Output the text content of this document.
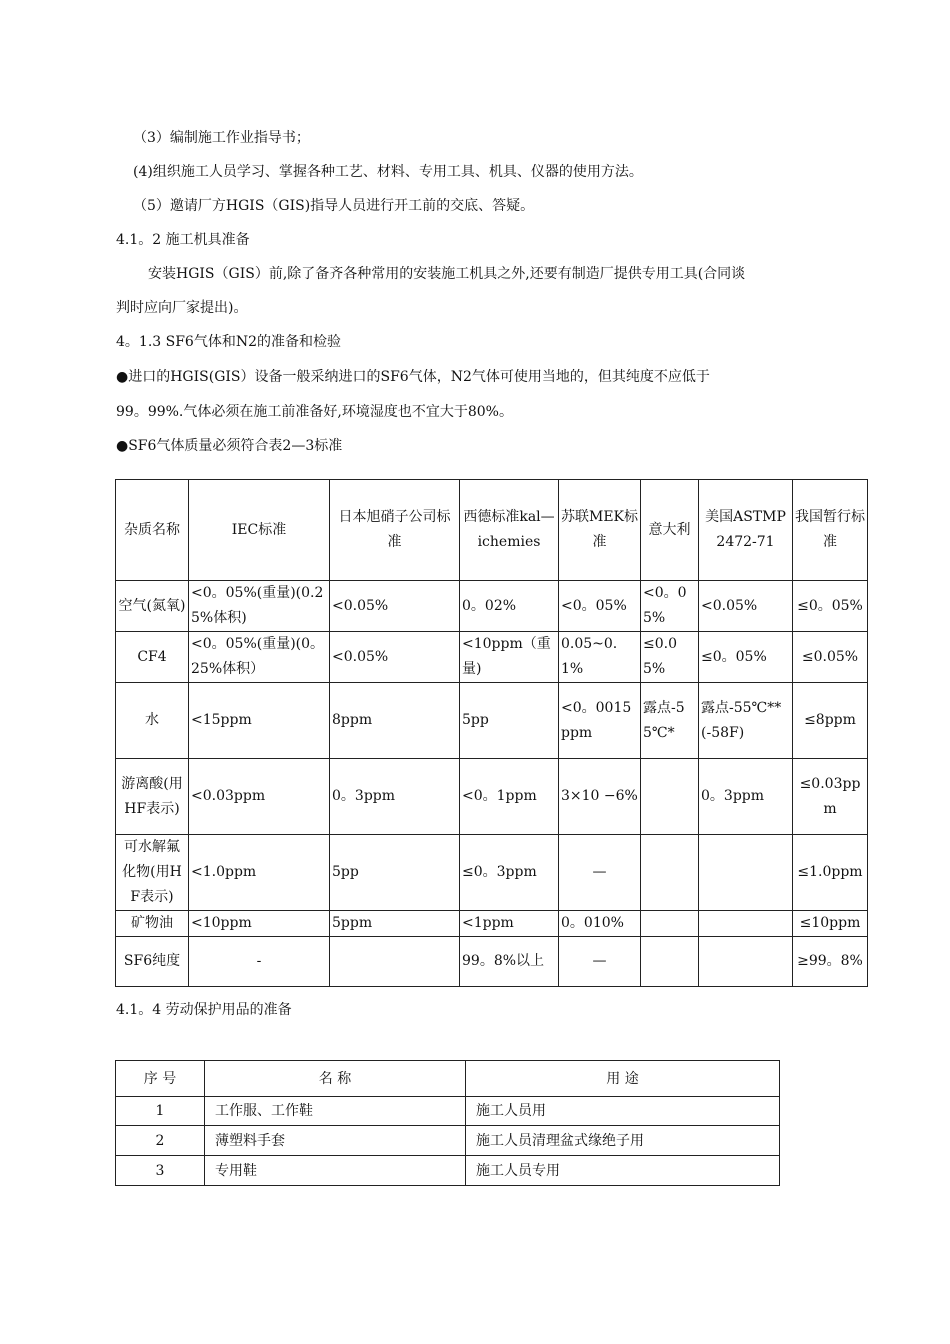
（3）编制施工作业指导书；
(4)组织施工人员学习、掌握各种工艺、材料、专用工具、机具、仪器的使用方法。
（5）邀请厂方HGIS（GIS)指导人员进行开工前的交底、答疑。
4.1。2 施工机具准备
安装HGIS（GIS）前,除了备齐各种常用的安装施工机具之外,还要有制造厂提供专用工具(合同谈
判时应向厂家提出)。
4。1.3 SF6气体和N2的准备和检验
●进口的HGIS(GIS）设备一般采纳进口的SF6气体，N2气体可使用当地的，但其纯度不应低于
99。99%.气体必须在施工前准备好,环境湿度也不宜大于80%。
●SF6气体质量必须符合表2—3标准
杂质名称	IEC标准	日本旭硝子公司标准	西德标准kal—ichemies	苏联MEK标准	意大利	美国ASTMP2472-71	我国暂行标准
空气(氮氧)	<0。05%(重量)(0.25%体积)	<0.05%	0。02%	<0。05%	<0。05%	<0.05%	≤0。05%
CF4	<0。05%(重量)(0。25%体积）	<0.05%	<10ppm（重量)	0.05~0.1%	≤0.05%	≤0。05%	≤0.05%
水	<15ppm	8ppm	5pp	<0。0015ppm	露点-55℃*	露点-55℃**(-58F)	≤8ppm
游离酸(用HF表示)	<0.03ppm	0。3ppm	<0。1ppm	3×10 −6%		0。3ppm	≤0.03ppm
可水解氟化物(用HF表示)	<1.0ppm	5pp	≤0。3ppm	—			≤1.0ppm
矿物油	<10ppm	5ppm	<1ppm	0。010%			≤10ppm
SF6纯度	-		99。8%以上	—			≥99。8%
4.1。4 劳动保护用品的准备
序 号	名 称	用 途
1	工作服、工作鞋	施工人员用
2	薄塑料手套	施工人员清理盆式缘绝子用
3	专用鞋	施工人员专用
